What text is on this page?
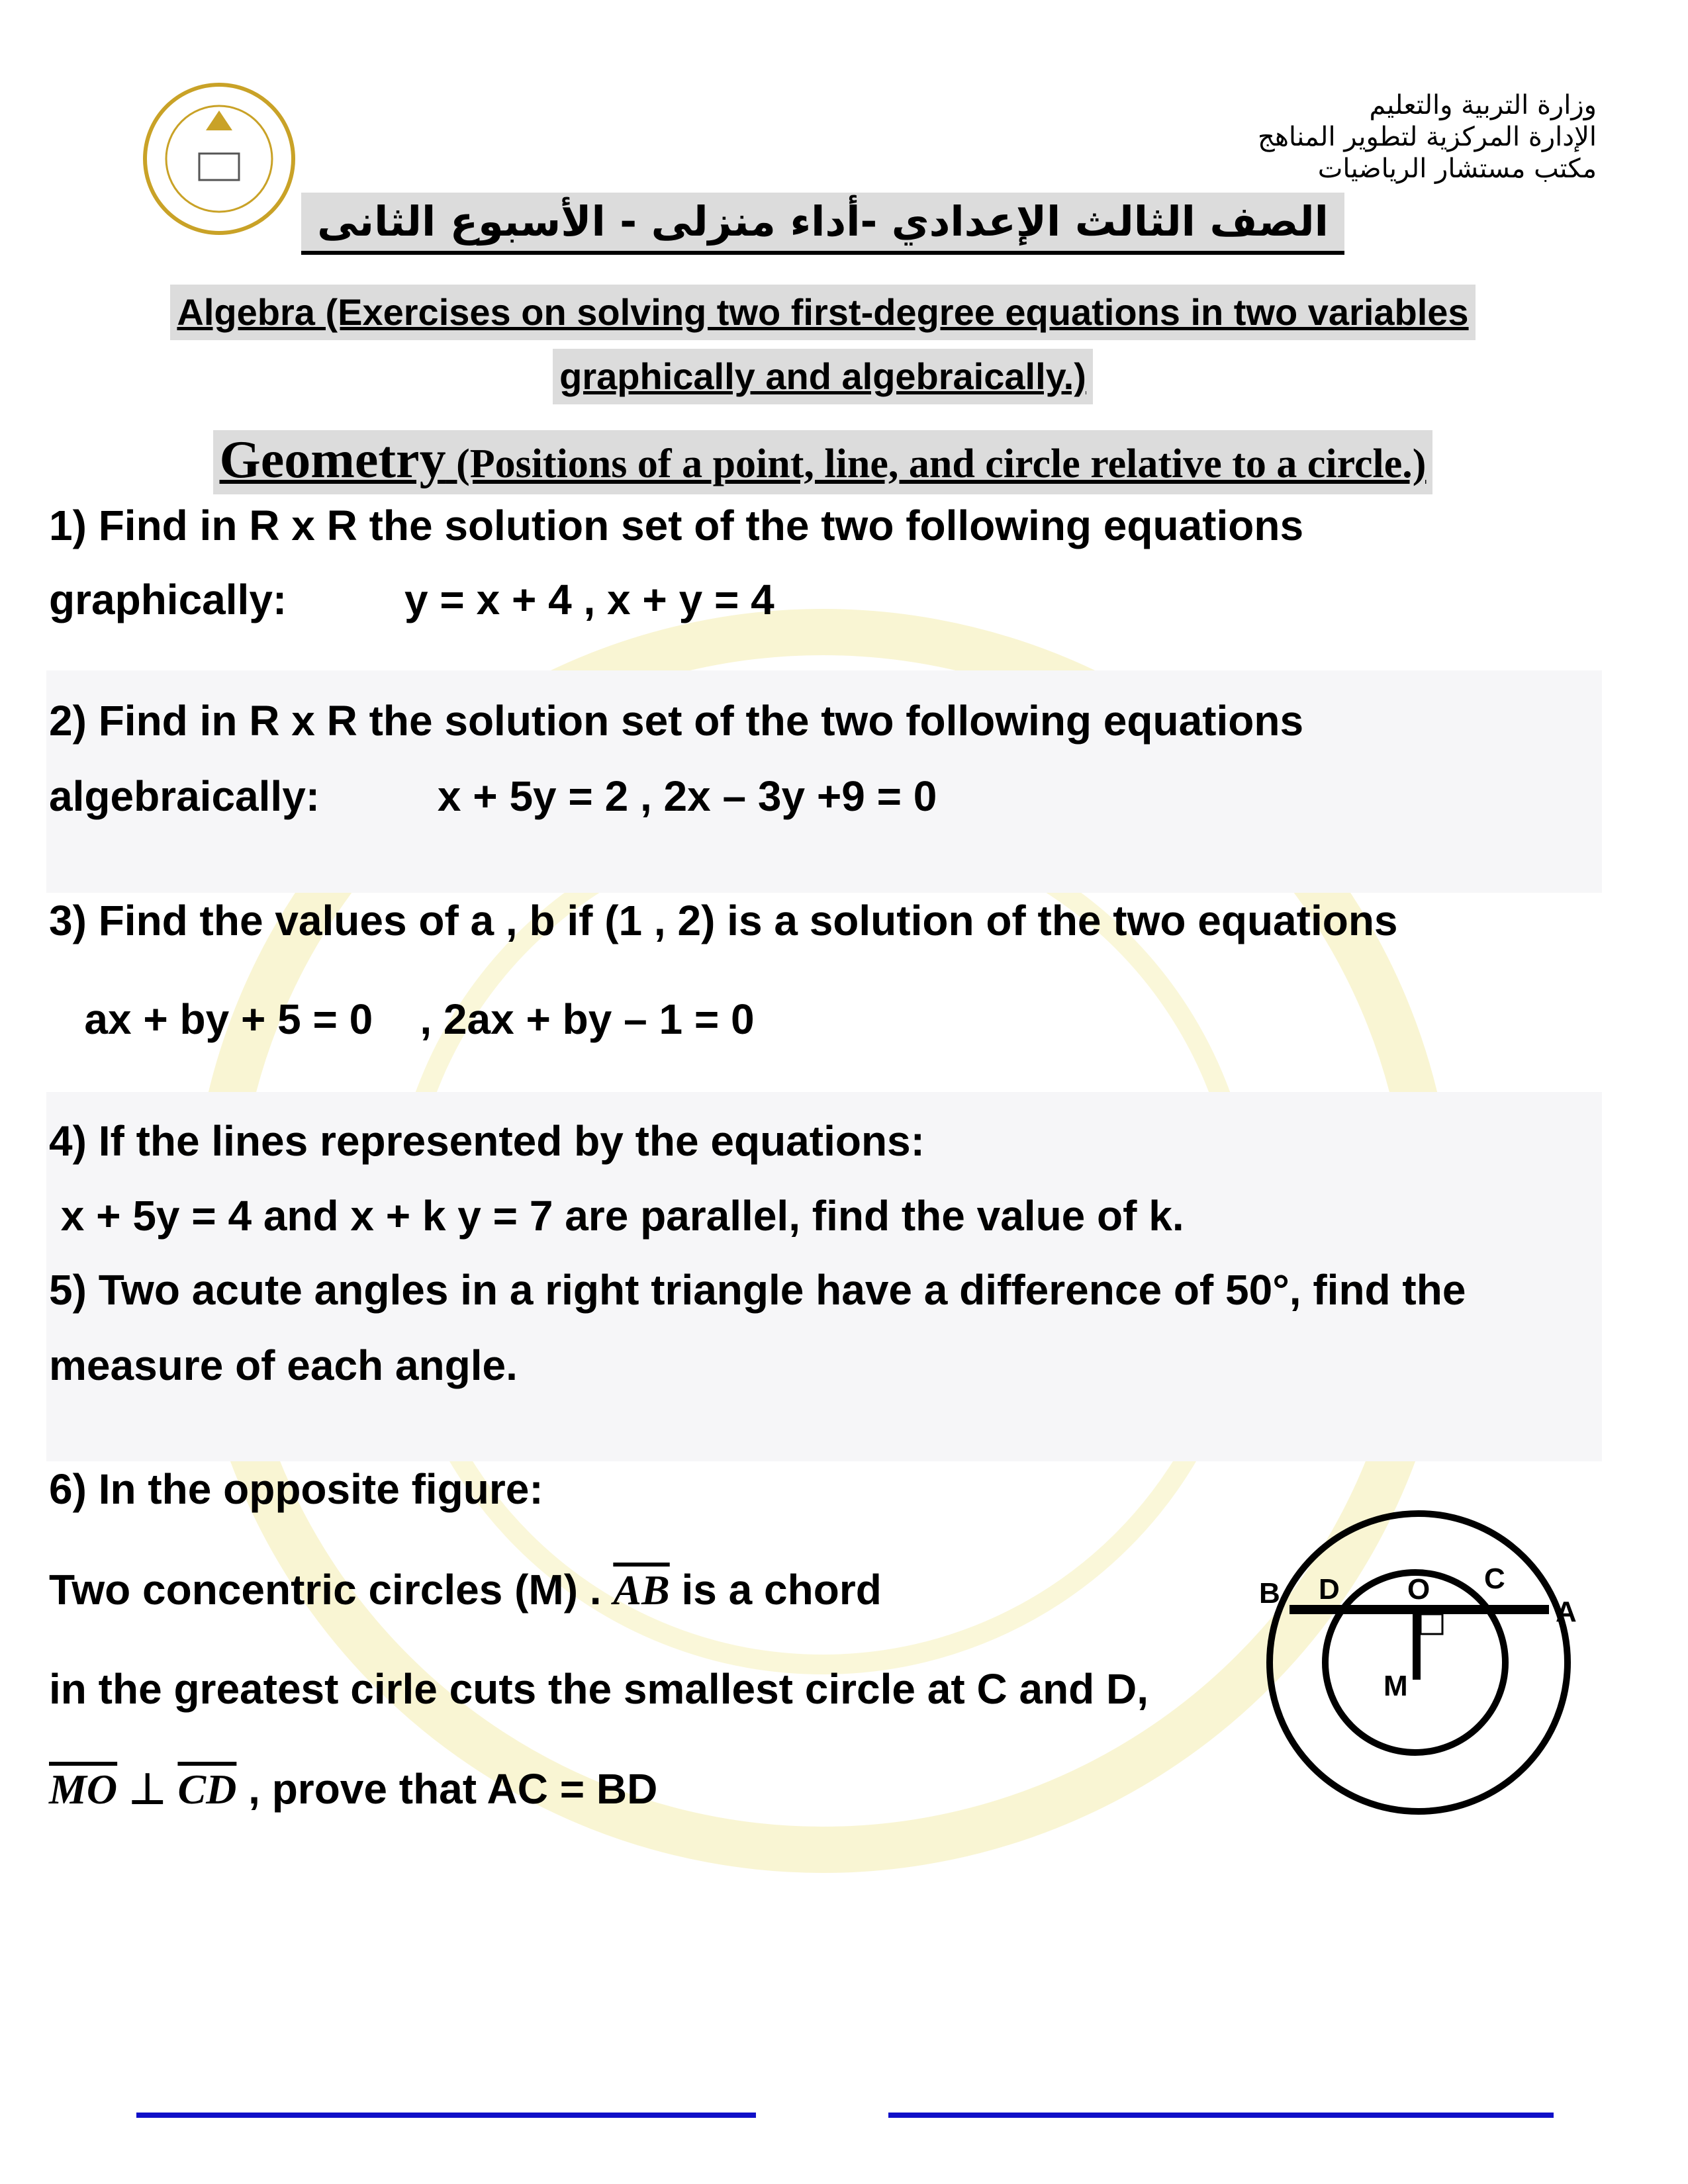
وزارة التربية والتعليم
الإدارة المركزية لتطوير المناهج
مكتب مستشار الرياضيات
الصف الثالث الإعدادي -أداء منزلى - الأسبوع الثانى
Algebra (Exercises on solving two first-degree equations in two variables
graphically and algebraically.)
Geometry (Positions of a point, line, and circle relative to a circle.)
1) Find in R x R the solution set of the two following equations
graphically:          y = x + 4 , x + y = 4
2) Find in R x R the solution set of the two following equations
algebraically:          x + 5y = 2 , 2x – 3y +9 = 0
3) Find the values of a , b if (1 , 2) is a solution of the two equations
ax + by + 5 = 0    , 2ax + by – 1 = 0
4) If the lines represented by the equations:
x + 5y = 4 and x + k y = 7 are parallel, find the value of k.
5) Two acute angles in a right triangle have a difference of 50°, find the
measure of each angle.
6) In the opposite figure:
Two concentric circles (M) . $\overline{AB}$ is a chord
in the greatest cirle cuts the smallest circle at C and D,
$\overline{MO}$ ⊥ $\overline{CD}$ , prove that AC = BD
B D O C
A
M
